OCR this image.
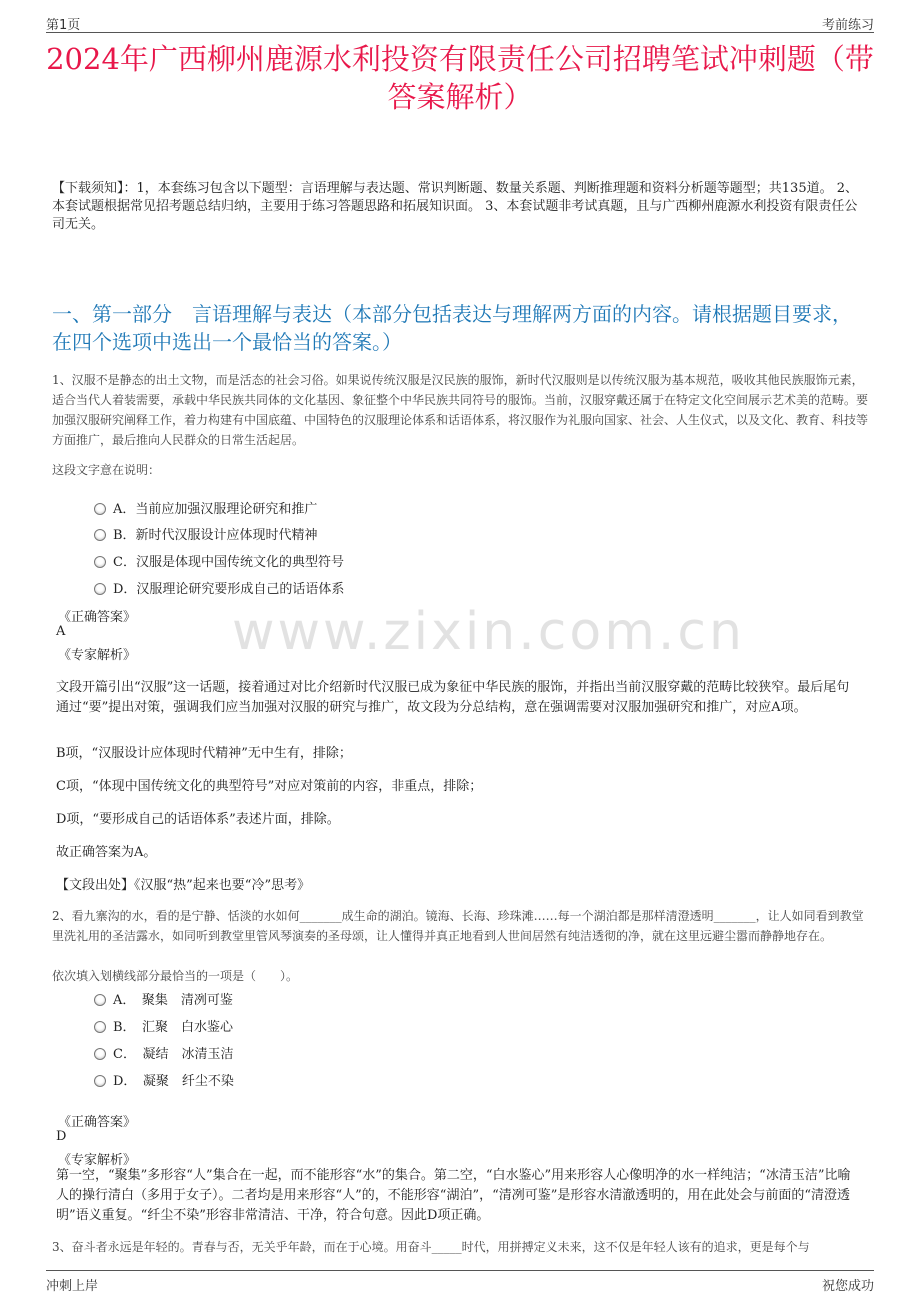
第1页	考前练习
2024年广西柳州鹿源水利投资有限责任公司招聘笔试冲刺题（带答案解析）
【下载须知】：1，本套练习包含以下题型：言语理解与表达题、常识判断题、数量关系题、判断推理题和资料分析题等题型；共135道。 2、本套试题根据常见招考题总结归纳，主要用于练习答题思路和拓展知识面。 3、本套试题非考试真题，且与广西柳州鹿源水利投资有限责任公司无关。
一、第一部分　言语理解与表达（本部分包括表达与理解两方面的内容。请根据题目要求，在四个选项中选出一个最恰当的答案。）
1、汉服不是静态的出土文物，而是活态的社会习俗。如果说传统汉服是汉民族的服饰，新时代汉服则是以传统汉服为基本规范，吸收其他民族服饰元素，适合当代人着装需要，承载中华民族共同体的文化基因、象征整个中华民族共同符号的服饰。当前，汉服穿戴还属于在特定文化空间展示艺术美的范畴。要加强汉服研究阐释工作，着力构建有中国底蕴、中国特色的汉服理论体系和话语体系，将汉服作为礼服向国家、社会、人生仪式，以及文化、教育、科技等方面推广，最后推向人民群众的日常生活起居。
这段文字意在说明：
A．当前应加强汉服理论研究和推广
B．新时代汉服设计应体现时代精神
C．汉服是体现中国传统文化的典型符号
D．汉服理论研究要形成自己的话语体系
《正确答案》
A
《专家解析》 www.zixin.com.cn
文段开篇引出“汉服”这一话题，接着通过对比介绍新时代汉服已成为象征中华民族的服饰，并指出当前汉服穿戴的范畴比较狭窄。最后尾句通过“要”提出对策，强调我们应当加强对汉服的研究与推广，故文段为分总结构，意在强调需要对汉服加强研究和推广，对应A项。
B项，“汉服设计应体现时代精神”无中生有，排除；
C项，“体现中国传统文化的典型符号”对应对策前的内容，非重点，排除；
D项，“要形成自己的话语体系”表述片面，排除。
故正确答案为A。
【文段出处】《汉服“热”起来也要“冷”思考》
2、看九寨沟的水，看的是宁静、恬淡的水如何_______成生命的湖泊。镜海、长海、珍珠滩……每一个湖泊都是那样清澄透明_______，让人如同看到教堂里洗礼用的圣洁露水，如同听到教堂里管风琴演奏的圣母颂，让人懂得并真正地看到人世间居然有纯洁透彻的净，就在这里远避尘嚣而静静地存在。
依次填入划横线部分最恰当的一项是（　　）。
A．　聚集　清冽可鉴
B．　汇聚　白水鉴心
C．　凝结　冰清玉洁
D．　凝聚　纤尘不染
《正确答案》
D
《专家解析》
第一空，“聚集”多形容“人”集合在一起，而不能形容“水”的集合。第二空，“白水鉴心”用来形容人心像明净的水一样纯洁；“冰清玉洁”比喻人的操行清白（多用于女子）。二者均是用来形容“人”的，不能形容“湖泊”，“清冽可鉴”是形容水清澈透明的，用在此处会与前面的“清澄透明”语义重复。“纤尘不染”形容非常清洁、干净，符合句意。因此D项正确。
3、奋斗者永远是年轻的。青春与否，无关乎年龄，而在于心境。用奋斗_____时代，用拼搏定义未来，这不仅是年轻人该有的追求，更是每个与
冲刺上岸	祝您成功
